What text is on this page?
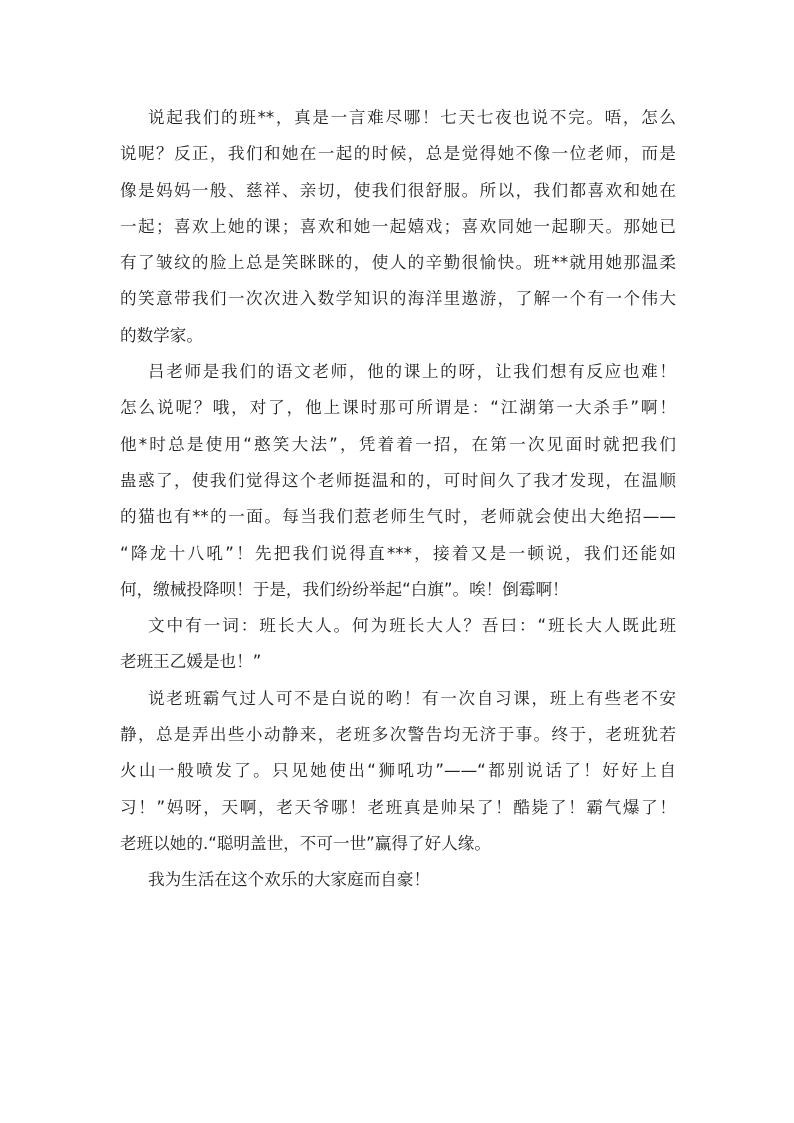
说起我们的班**，真是一言难尽哪！七天七夜也说不完。唔，怎么
说呢？反正，我们和她在一起的时候，总是觉得她不像一位老师，而是
像是妈妈一般、慈祥、亲切，使我们很舒服。所以，我们都喜欢和她在
一起；喜欢上她的课；喜欢和她一起嬉戏；喜欢同她一起聊天。那她已
有了皱纹的脸上总是笑眯眯的，使人的辛勤很愉快。班**就用她那温柔
的笑意带我们一次次进入数学知识的海洋里遨游，了解一个有一个伟大
的数学家。
吕老师是我们的语文老师，他的课上的呀，让我们想有反应也难！
怎么说呢？哦，对了，他上课时那可所谓是：“江湖第一大杀手”啊！
他*时总是使用“憨笑大法”，凭着着一招，在第一次见面时就把我们
蛊惑了，使我们觉得这个老师挺温和的，可时间久了我才发现，在温顺
的猫也有**的一面。每当我们惹老师生气时，老师就会使出大绝招——
“降龙十八吼”！先把我们说得直***，接着又是一顿说，我们还能如
何，缴械投降呗！于是，我们纷纷举起“白旗”。唉！倒霉啊！
文中有一词：班长大人。何为班长大人？吾曰：“班长大人既此班
老班王乙媛是也！”
说老班霸气过人可不是白说的哟！有一次自习课，班上有些老不安
静，总是弄出些小动静来，老班多次警告均无济于事。终于，老班犹若
火山一般喷发了。只见她使出“狮吼功”——“都别说话了！好好上自
习！”妈呀，天啊，老天爷哪！老班真是帅呆了！酷毙了！霸气爆了！
老班以她的.“聪明盖世，不可一世”赢得了好人缘。
我为生活在这个欢乐的大家庭而自豪！
